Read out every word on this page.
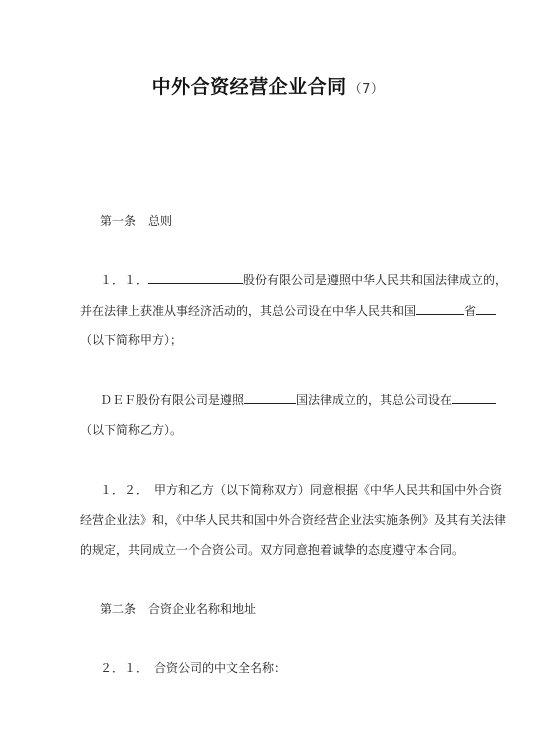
中外合资经营企业合同 （7）
第一条　总则
１．１．	股份有限公司是遵照中华人民共和国法律成立的，
并在法律上获准从事经济活动的，其总公司设在中华人民共和国	省
（以下简称甲方）；
ＤＥＦ股份有限公司是遵照	国法律成立的，其总公司设在
（以下简称乙方）。
１．２．　甲方和乙方（以下简称双方）同意根据《中华人民共和国中外合资
经营企业法》和，《中华人民共和国中外合资经营企业法实施条例》及其有关法律
的规定，共同成立一个合资公司。双方同意抱着诚挚的态度遵守本合同。
第二条　合资企业名称和地址
２．１．　合资公司的中文全名称：
